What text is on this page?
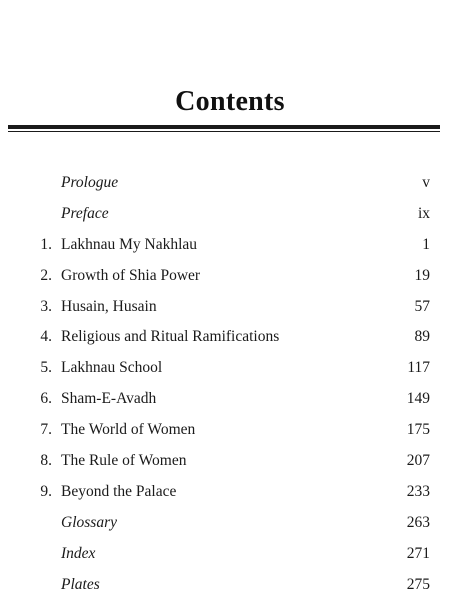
Contents
Prologue	v
Preface	ix
1. Lakhnau My Nakhlau	1
2. Growth of Shia Power	19
3. Husain, Husain	57
4. Religious and Ritual Ramifications	89
5. Lakhnau School	117
6. Sham-E-Avadh	149
7. The World of Women	175
8. The Rule of Women	207
9. Beyond the Palace	233
Glossary	263
Index	271
Plates	275
